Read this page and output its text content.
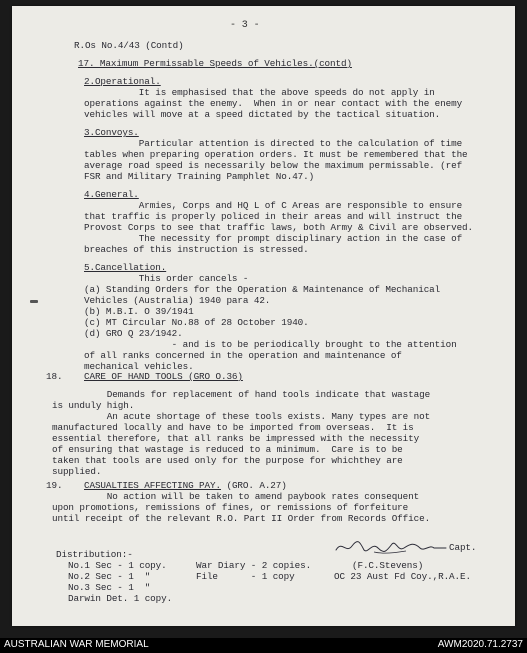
- 3 -

R.Os No.4/43 (Contd)

17. Maximum Permissable Speeds of Vehicles.(contd)

2.Operational.

It is emphasised that the above speeds do not apply in

operations against the enemy.  When in or near contact with the enemy

vehicles will move at a speed dictated by the tactical situation.

3.Convoys.

Particular attention is directed to the calculation of time

tables when preparing operation orders. It must be remembered that the

average road speed is necessarily below the maximum permissable. (ref

FSR and Military Training Pamphlet No.47.)

4.General.

Armies, Corps and HQ L of C Areas are responsible to ensure

that traffic is properly policed in their areas and will instruct the

Provost Corps to see that traffic laws, both Army & Civil are observed.

The necessity for prompt disciplinary action in the case of

breaches of this instruction is stressed.

5.Cancellation.

This order cancels -

(a) Standing Orders for the Operation & Maintenance of Mechanical

Vehicles (Australia) 1940 para 42.

(b) M.B.I. O 39/1941

(c) MT Circular No.88 of 28 October 1940.

(d) GRO Q 23/1942.

- and is to be periodically brought to the attention

of all ranks concerned in the operation and maintenance of

mechanical vehicles.

18. CARE OF HAND TOOLS (GRO O.36)

Demands for replacement of hand tools indicate that wastage

is unduly high.

An acute shortage of these tools exists. Many types are not

manufactured locally and have to be imported from overseas.  It is

essential therefore, that all ranks be impressed with the necessity

of ensuring that wastage is reduced to a minimum.  Care is to be

taken that tools are used only for the purpose for whichthey are

supplied.

19. CASUALTIES AFFECTING PAY. (GRO. A.27)

No action will be taken to amend paybook rates consequent

upon promotions, remissions of fines, or remissions of forfeiture

until receipt of the relevant R.O. Part II Order from Records Office.

Distribution:-

No.1 Sec - 1 copy.

No.2 Sec - 1  "

No.3 Sec - 1  "

Darwin Det. 1 copy.

War Diary - 2 copies.

File      - 1 copy

Capt.

(F.C.Stevens)

OC 23 Aust Fd Coy.,R.A.E.

AUSTRALIAN WAR MEMORIAL	AWM2020.71.2737
